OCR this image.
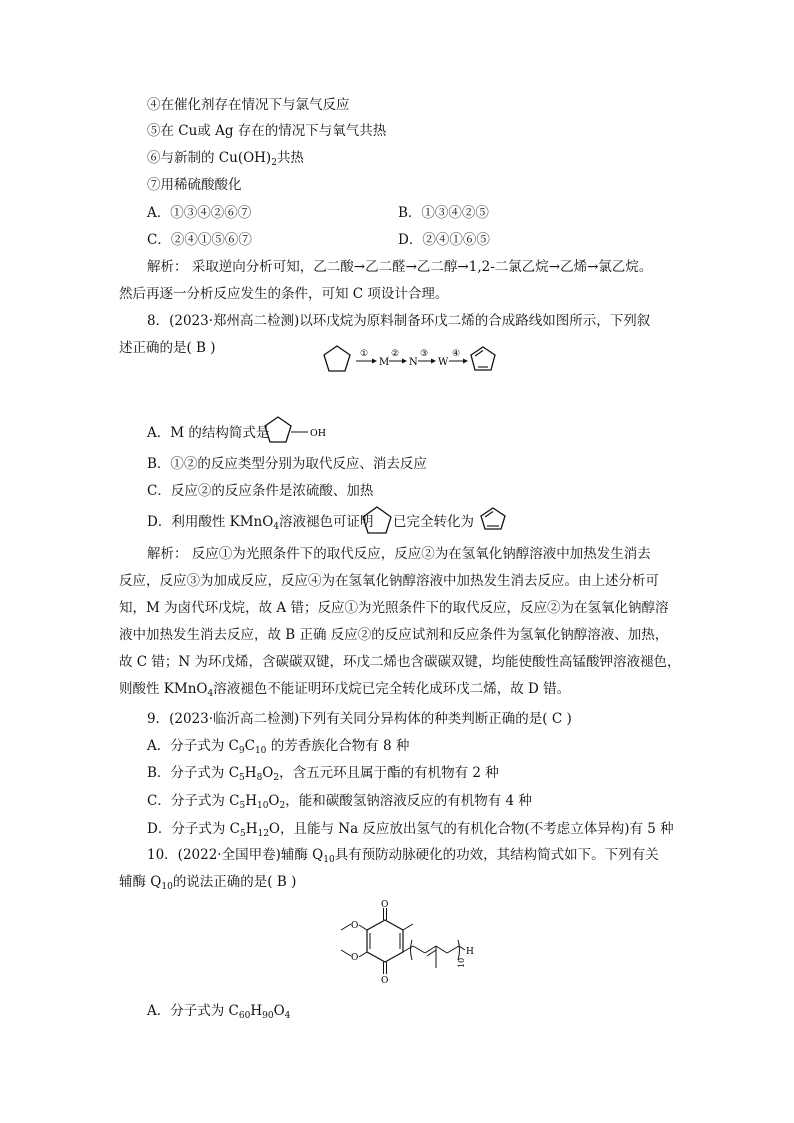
④在催化剂存在情况下与氯气反应
⑤在 Cu或 Ag 存在的情况下与氧气共热
⑥与新制的 $Cu(OH)_2$共热
⑦用稀硫酸酸化
A．①③④②⑥⑦	B．①③④②⑤
C．②④①⑤⑥⑦	D．②④①⑥⑤
解析： 采取逆向分析可知，乙二酸→乙二醛→乙二醇→1,2-二氯乙烷→乙烯→氯乙烷。
然后再逐一分析反应发生的条件，可知 C 项设计合理。
8．(2023·郑州高二检测)以环戊烷为原料制备环戊二烯的合成路线如图所示，下列叙
述正确的是( B )	①
M
②
N
③
W
④
A．M 的结构简式是	OH
B．①②的反应类型分别为取代反应、消去反应
C．反应②的反应条件是浓硫酸、加热
D．利用酸性 KMnO$_4$溶液褪色可证明 已完全转化为
解析： 反应①为光照条件下的取代反应，反应②为在氢氧化钠醇溶液中加热发生消去
反应，反应③为加成反应，反应④为在氢氧化钠醇溶液中加热发生消去反应。由上述分析可
知，M 为卤代环戊烷，故 A 错；反应①为光照条件下的取代反应，反应②为在氢氧化钠醇溶
液中加热发生消去反应，故 B 正确 反应②的反应试剂和反应条件为氢氧化钠醇溶液、加热，
故 C 错；N 为环戊烯，含碳碳双键，环戊二烯也含碳碳双键，均能使酸性高锰酸钾溶液褪色，
则酸性 KMnO$_4$溶液褪色不能证明环戊烷已完全转化成环戊二烯，故 D 错。
9．(2023·临沂高二检测)下列有关同分异构体的种类判断正确的是( C )
A．分子式为 $C_9C_{10}$ 的芳香族化合物有 8 种
B．分子式为 $C_5H_8O_2$，含五元环且属于酯的有机物有 2 种
C．分子式为 $C_5H_{10}O_2$，能和碳酸氢钠溶液反应的有机物有 4 种
D．分子式为 $C_5H_{12}O$，且能与 Na 反应放出氢气的有机化合物(不考虑立体异构)有 5 种
10．(2022·全国甲卷)辅酶 $Q_{10}$具有预防动脉硬化的功效，其结构简式如下。下列有关
辅酶 $Q_{10}$的说法正确的是( B )
O
O
O
O
H
10
A．分子式为 $C_{60}H_{90}O_4$
